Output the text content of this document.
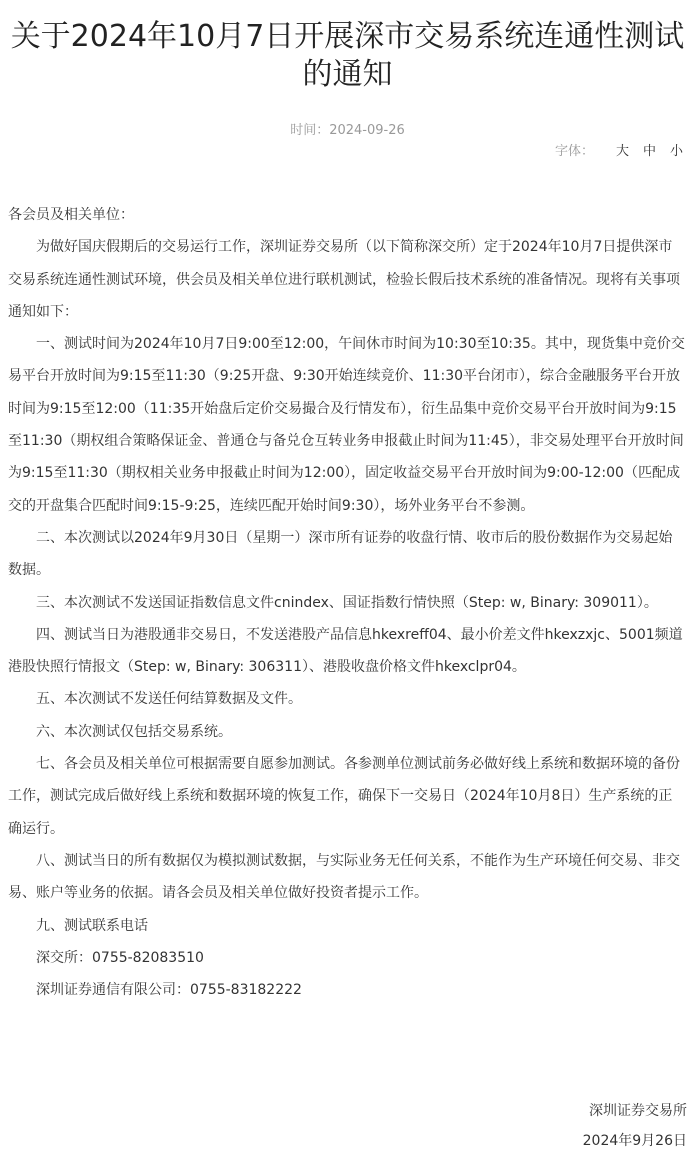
关于2024年10月7日开展深市交易系统连通性测试的通知
时间：2024-09-26
字体： 大 中 小

各会员及相关单位：

为做好国庆假期后的交易运行工作，深圳证券交易所（以下简称深交所）定于2024年10月7日提供深市交易系统连通性测试环境，供会员及相关单位进行联机测试，检验长假后技术系统的准备情况。现将有关事项通知如下：

一、测试时间为2024年10月7日9:00至12:00，午间休市时间为10:30至10:35。其中，现货集中竞价交易平台开放时间为9:15至11:30（9:25开盘、9:30开始连续竞价、11:30平台闭市），综合金融服务平台开放时间为9:15至12:00（11:35开始盘后定价交易撮合及行情发布），衍生品集中竞价交易平台开放时间为9:15至11:30（期权组合策略保证金、普通仓与备兑仓互转业务申报截止时间为11:45），非交易处理平台开放时间为9:15至11:30（期权相关业务申报截止时间为12:00），固定收益交易平台开放时间为9:00-12:00（匹配成交的开盘集合匹配时间9:15-9:25，连续匹配开始时间9:30），场外业务平台不参测。

二、本次测试以2024年9月30日（星期一）深市所有证券的收盘行情、收市后的股份数据作为交易起始数据。

三、本次测试不发送国证指数信息文件cnindex、国证指数行情快照（Step: w, Binary: 309011）。

四、测试当日为港股通非交易日，不发送港股产品信息hkexreff04、最小价差文件hkexzxjc、5001频道港股快照行情报文（Step: w, Binary: 306311）、港股收盘价格文件hkexclpr04。

五、本次测试不发送任何结算数据及文件。

六、本次测试仅包括交易系统。

七、各会员及相关单位可根据需要自愿参加测试。各参测单位测试前务必做好线上系统和数据环境的备份工作，测试完成后做好线上系统和数据环境的恢复工作，确保下一交易日（2024年10月8日）生产系统的正确运行。

八、测试当日的所有数据仅为模拟测试数据，与实际业务无任何关系，不能作为生产环境任何交易、非交易、账户等业务的依据。请各会员及相关单位做好投资者提示工作。

九、测试联系电话

深交所：0755-82083510

深圳证券通信有限公司：0755-83182222

深圳证券交易所

2024年9月26日
